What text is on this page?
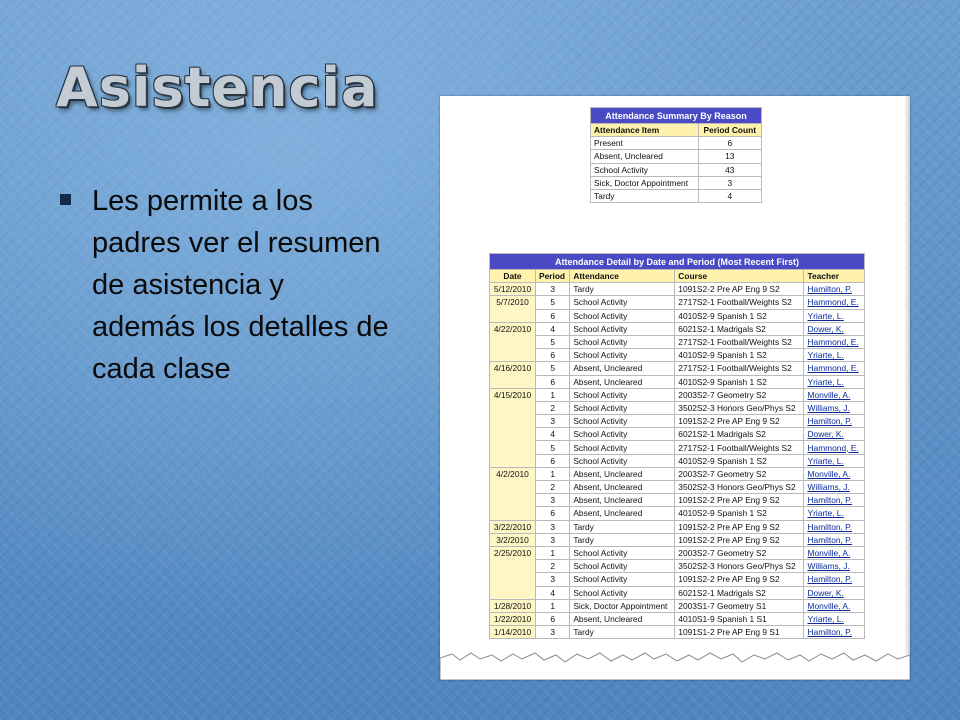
Asistencia
Les permite a los padres ver el resumen de asistencia y además los detalles de cada clase
Attendance Summary By Reason	
Attendance Item	Period Count
Present	6
Absent, Uncleared	13
School Activity	43
Sick, Doctor Appointment	3
Tardy	4
Attendance Detail by Date and Period (Most Recent First)				
Date	Period	Attendance	Course	Teacher
5/12/2010	3	Tardy	1091S2-2 Pre AP Eng 9 S2	Hamilton, P.
5/7/2010	5	School Activity	2717S2-1 Football/Weights S2	Hammond, E.
	6	School Activity	4010S2-9 Spanish 1 S2	Yriarte, L.
4/22/2010	4	School Activity	6021S2-1 Madrigals S2	Dower, K.
	5	School Activity	2717S2-1 Football/Weights S2	Hammond, E.
	6	School Activity	4010S2-9 Spanish 1 S2	Yriarte, L.
4/16/2010	5	Absent, Uncleared	2717S2-1 Football/Weights S2	Hammond, E.
	6	Absent, Uncleared	4010S2-9 Spanish 1 S2	Yriarte, L.
4/15/2010	1	School Activity	2003S2-7 Geometry S2	Monville, A.
	2	School Activity	3502S2-3 Honors Geo/Phys S2	Williams, J.
	3	School Activity	1091S2-2 Pre AP Eng 9 S2	Hamilton, P.
	4	School Activity	6021S2-1 Madrigals S2	Dower, K.
	5	School Activity	2717S2-1 Football/Weights S2	Hammond, E.
	6	School Activity	4010S2-9 Spanish 1 S2	Yriarte, L.
4/2/2010	1	Absent, Uncleared	2003S2-7 Geometry S2	Monville, A.
	2	Absent, Uncleared	3502S2-3 Honors Geo/Phys S2	Williams, J.
	3	Absent, Uncleared	1091S2-2 Pre AP Eng 9 S2	Hamilton, P.
	6	Absent, Uncleared	4010S2-9 Spanish 1 S2	Yriarte, L.
3/22/2010	3	Tardy	1091S2-2 Pre AP Eng 9 S2	Hamilton, P.
3/2/2010	3	Tardy	1091S2-2 Pre AP Eng 9 S2	Hamilton, P.
2/25/2010	1	School Activity	2003S2-7 Geometry S2	Monville, A.
	2	School Activity	3502S2-3 Honors Geo/Phys S2	Williams, J.
	3	School Activity	1091S2-2 Pre AP Eng 9 S2	Hamilton, P.
	4	School Activity	6021S2-1 Madrigals S2	Dower, K.
1/28/2010	1	Sick, Doctor Appointment	2003S1-7 Geometry S1	Monville, A.
1/22/2010	6	Absent, Uncleared	4010S1-9 Spanish 1 S1	Yriarte, L.
1/14/2010	3	Tardy	1091S1-2 Pre AP Eng 9 S1	Hamilton, P.
